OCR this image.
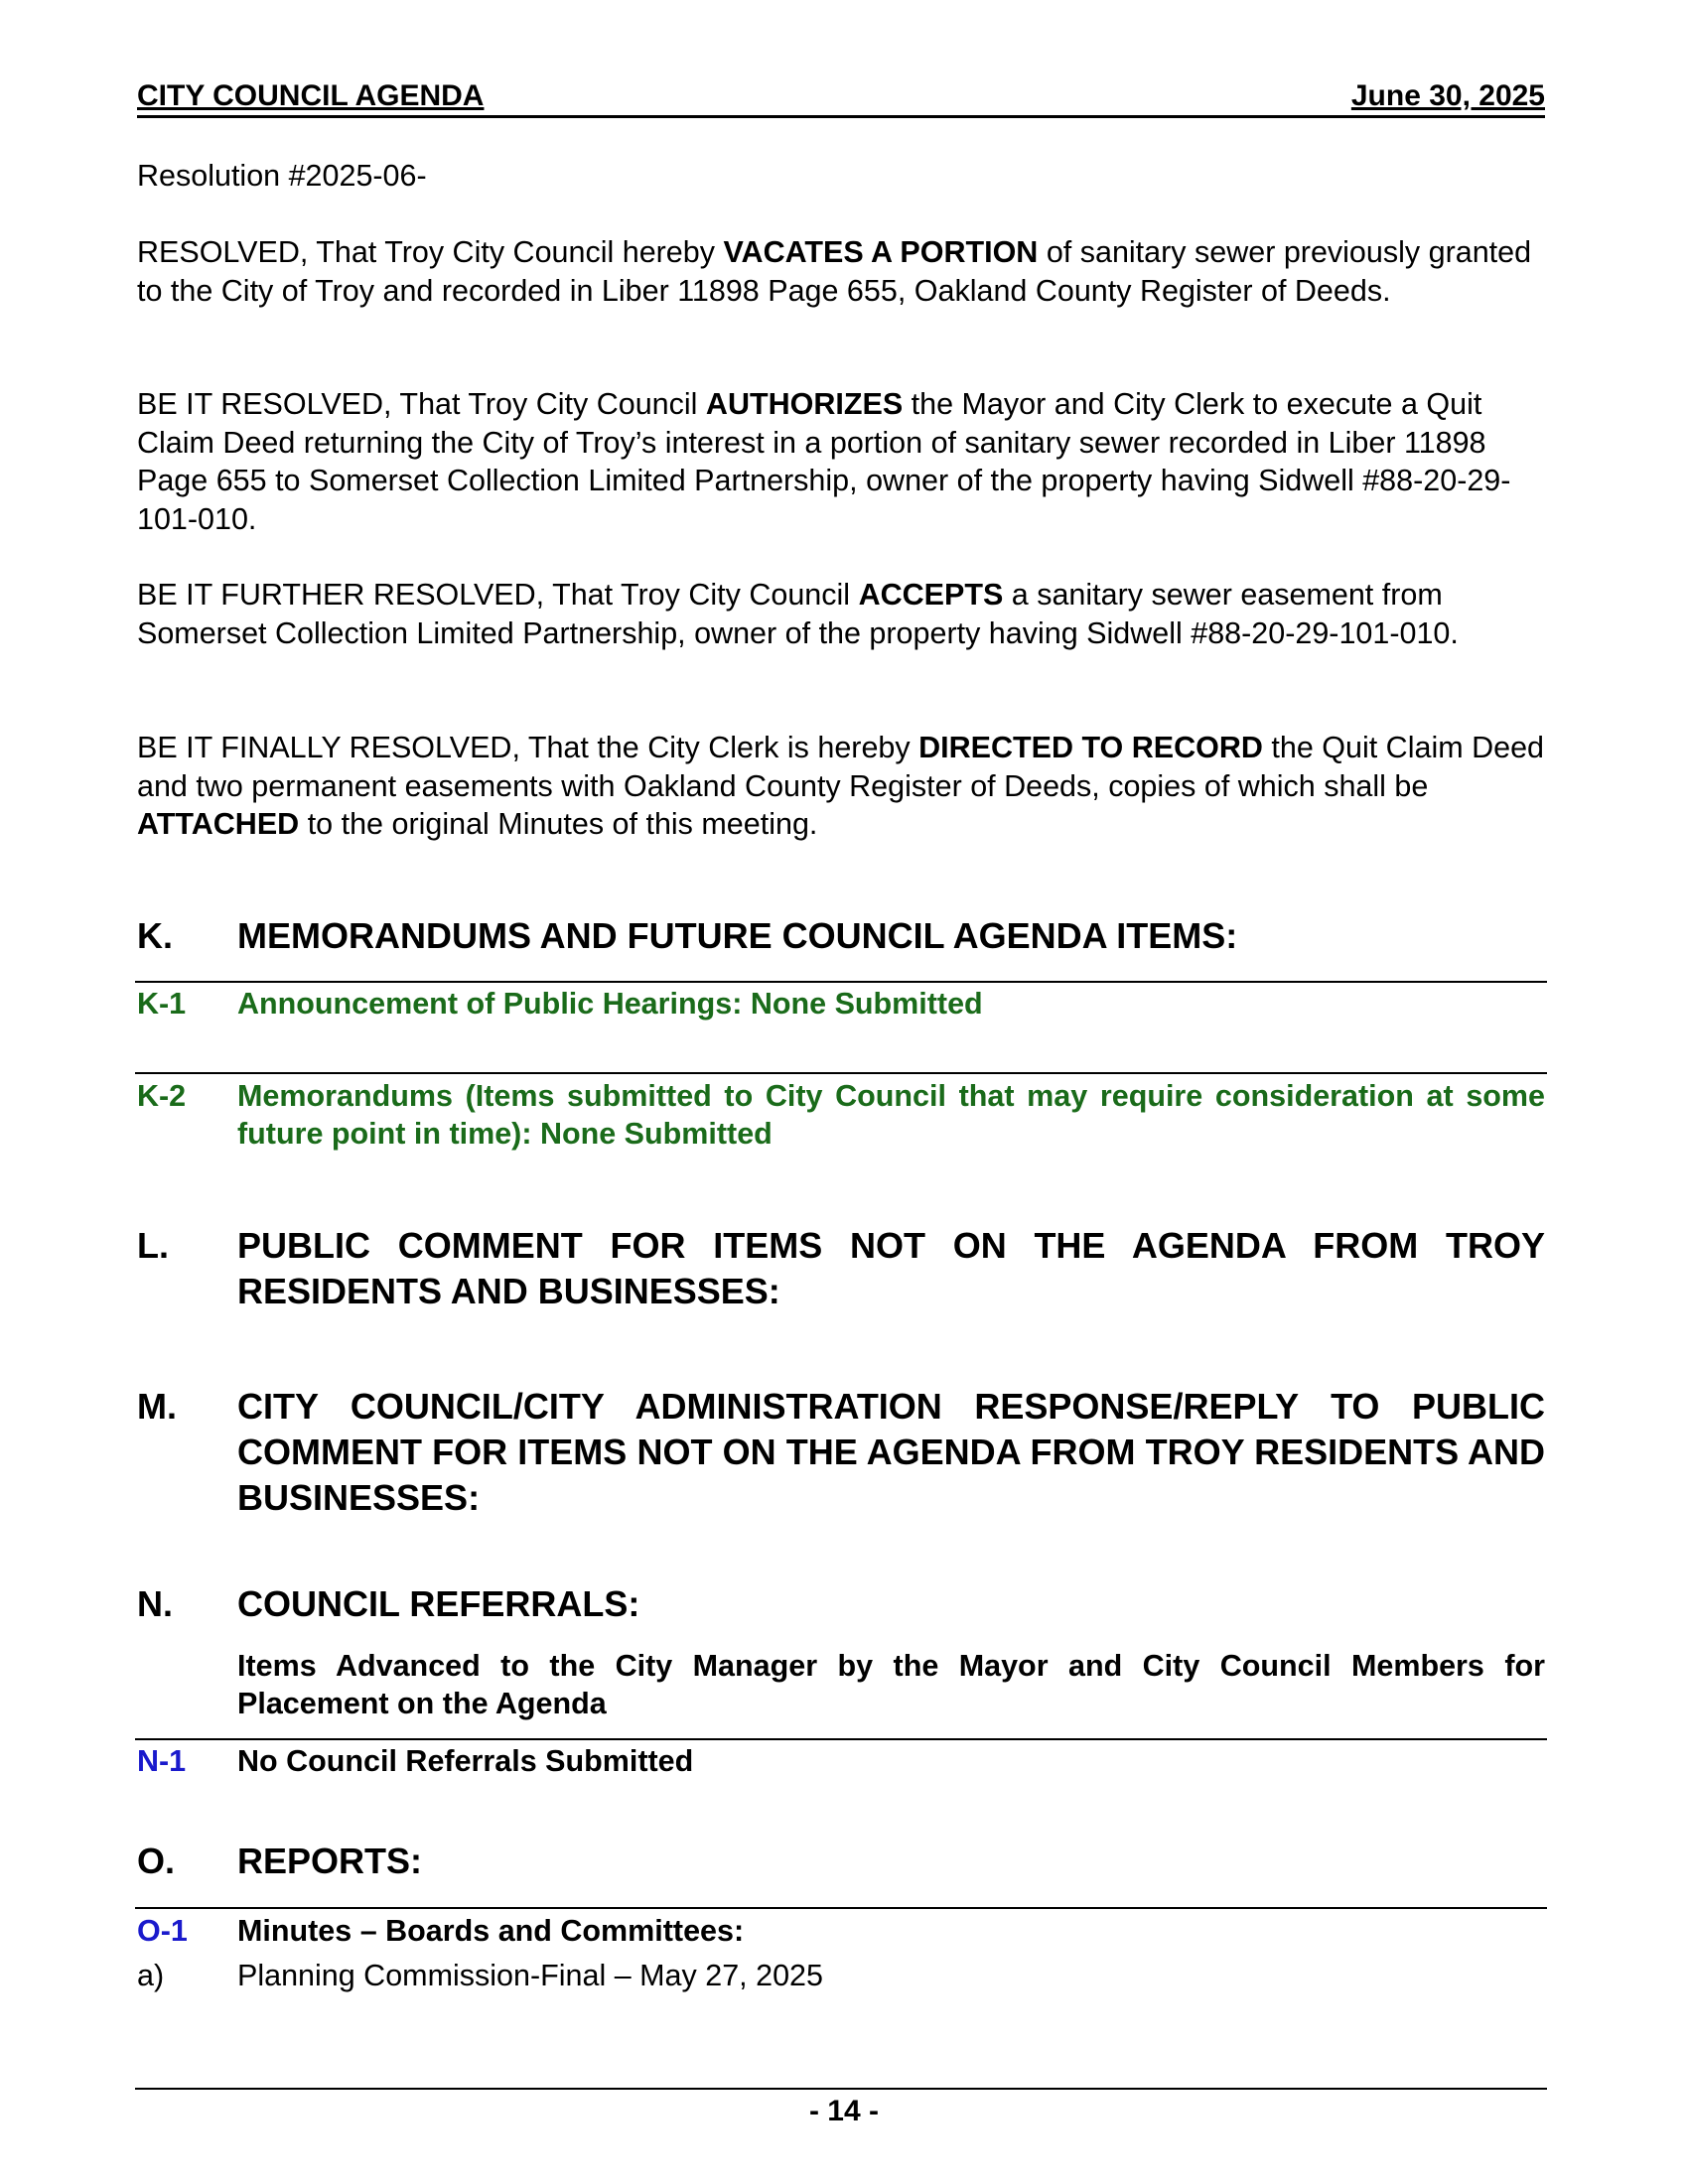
CITY COUNCIL AGENDA	June 30, 2025

Resolution #2025-06-

RESOLVED, That Troy City Council hereby VACATES A PORTION of sanitary sewer previously granted to the City of Troy and recorded in Liber 11898 Page 655, Oakland County Register of Deeds.

BE IT RESOLVED, That Troy City Council AUTHORIZES the Mayor and City Clerk to execute a Quit Claim Deed returning the City of Troy’s interest in a portion of sanitary sewer recorded in Liber 11898 Page 655 to Somerset Collection Limited Partnership, owner of the property having Sidwell #88-20-29-101-010.

BE IT FURTHER RESOLVED, That Troy City Council ACCEPTS a sanitary sewer easement from Somerset Collection Limited Partnership, owner of the property having Sidwell #88-20-29-101-010.

BE IT FINALLY RESOLVED, That the City Clerk is hereby DIRECTED TO RECORD the Quit Claim Deed and two permanent easements with Oakland County Register of Deeds, copies of which shall be ATTACHED to the original Minutes of this meeting.

K. MEMORANDUMS AND FUTURE COUNCIL AGENDA ITEMS:
K-1 Announcement of Public Hearings: None Submitted
K-2 Memorandums (Items submitted to City Council that may require consideration at some future point in time): None Submitted
L. PUBLIC COMMENT FOR ITEMS NOT ON THE AGENDA FROM TROY RESIDENTS AND BUSINESSES:
M. CITY COUNCIL/CITY ADMINISTRATION RESPONSE/REPLY TO PUBLIC COMMENT FOR ITEMS NOT ON THE AGENDA FROM TROY RESIDENTS AND BUSINESSES:
N. COUNCIL REFERRALS:
Items Advanced to the City Manager by the Mayor and City Council Members for Placement on the Agenda
N-1 No Council Referrals Submitted
O. REPORTS:
O-1 Minutes – Boards and Committees:
a) Planning Commission-Final – May 27, 2025
- 14 -
